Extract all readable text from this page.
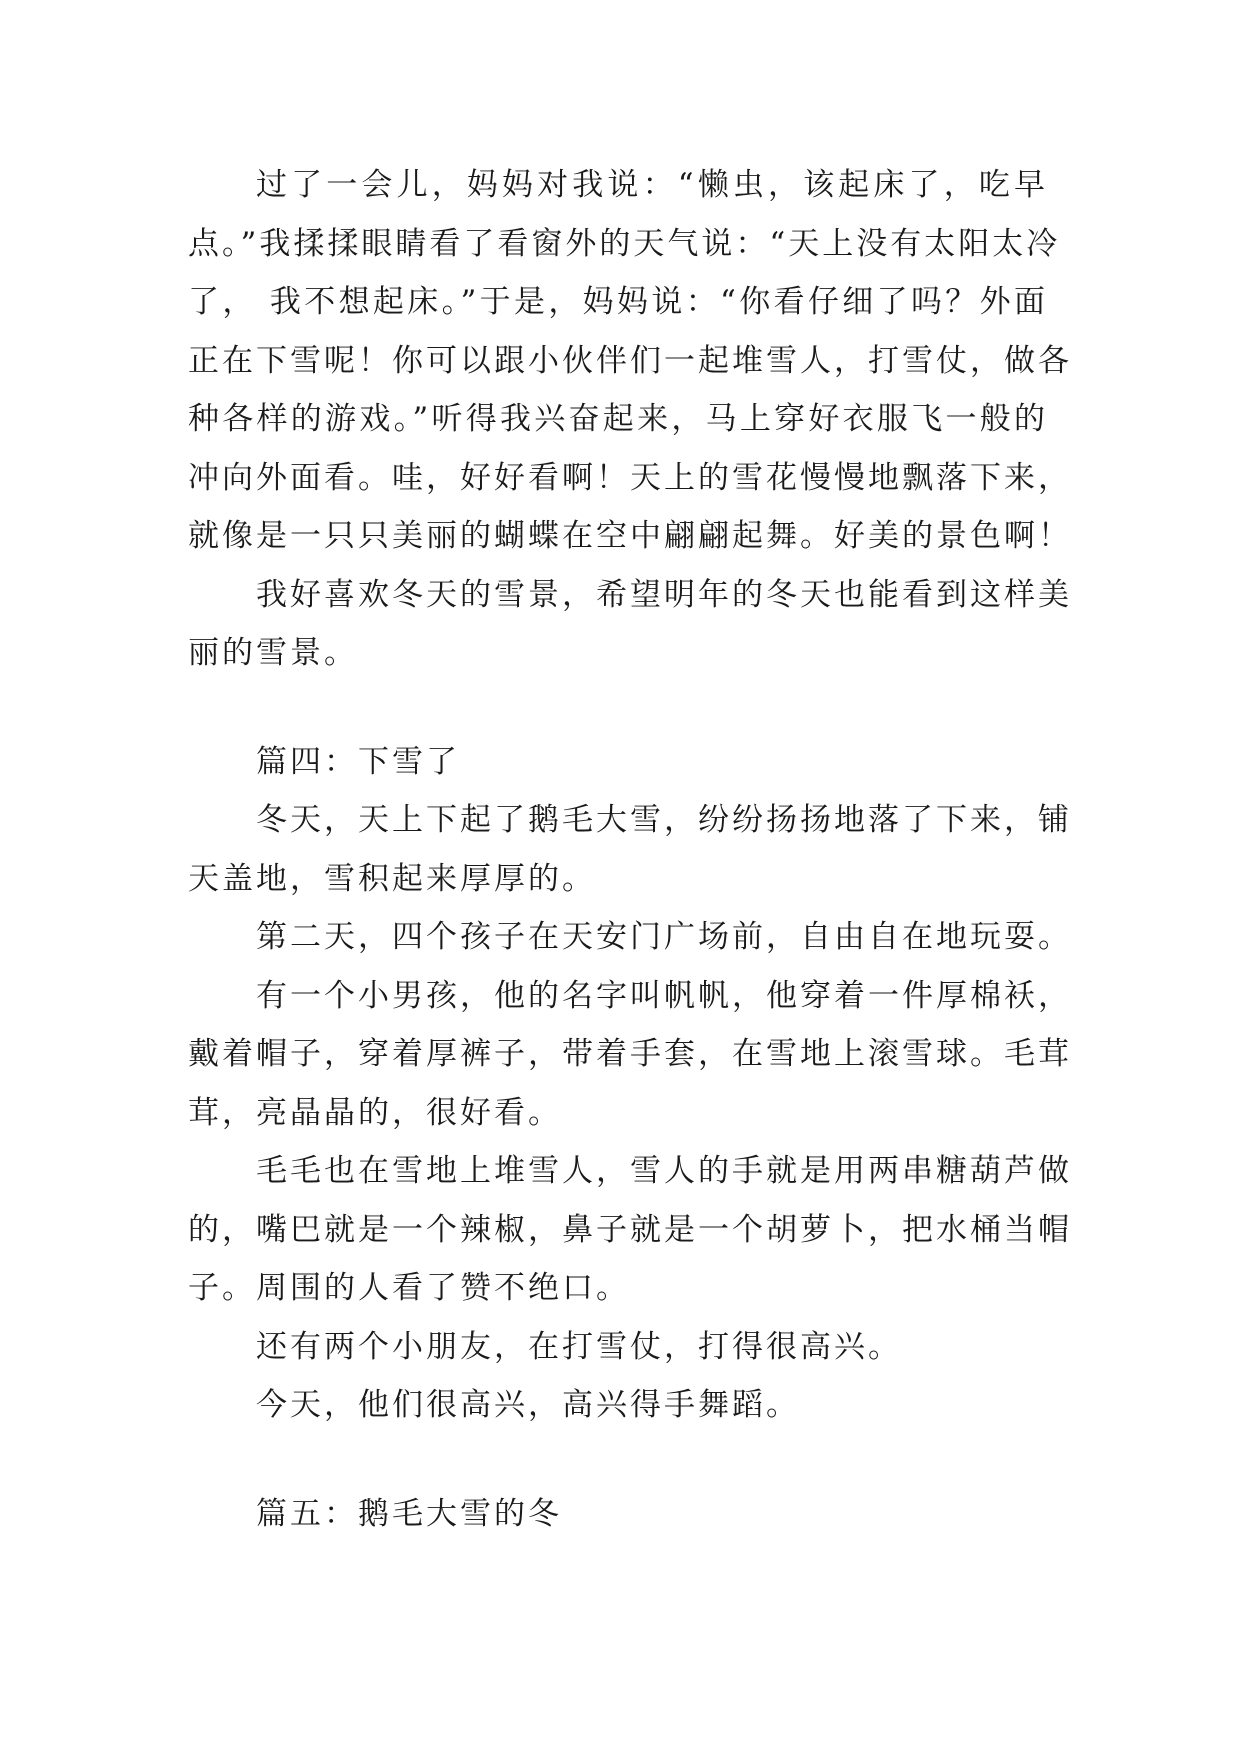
过了一会儿，妈妈对我说：“懒虫，该起床了，吃早
点。”我揉揉眼睛看了看窗外的天气说：“天上没有太阳太冷
了， 我不想起床。”于是，妈妈说：“你看仔细了吗？外面
正在下雪呢！你可以跟小伙伴们一起堆雪人，打雪仗，做各
种各样的游戏。”听得我兴奋起来，马上穿好衣服飞一般的
冲向外面看。哇，好好看啊！天上的雪花慢慢地飘落下来，
就像是一只只美丽的蝴蝶在空中翩翩起舞。好美的景色啊！
我好喜欢冬天的雪景，希望明年的冬天也能看到这样美
丽的雪景。
篇四：下雪了
冬天，天上下起了鹅毛大雪，纷纷扬扬地落了下来，铺
天盖地，雪积起来厚厚的。
第二天，四个孩子在天安门广场前，自由自在地玩耍。
有一个小男孩，他的名字叫帆帆，他穿着一件厚棉袄，
戴着帽子，穿着厚裤子，带着手套，在雪地上滚雪球。毛茸
茸，亮晶晶的，很好看。
毛毛也在雪地上堆雪人，雪人的手就是用两串糖葫芦做
的，嘴巴就是一个辣椒，鼻子就是一个胡萝卜，把水桶当帽
子。周围的人看了赞不绝口。
还有两个小朋友，在打雪仗，打得很高兴。
今天，他们很高兴，高兴得手舞蹈。
篇五：鹅毛大雪的冬
